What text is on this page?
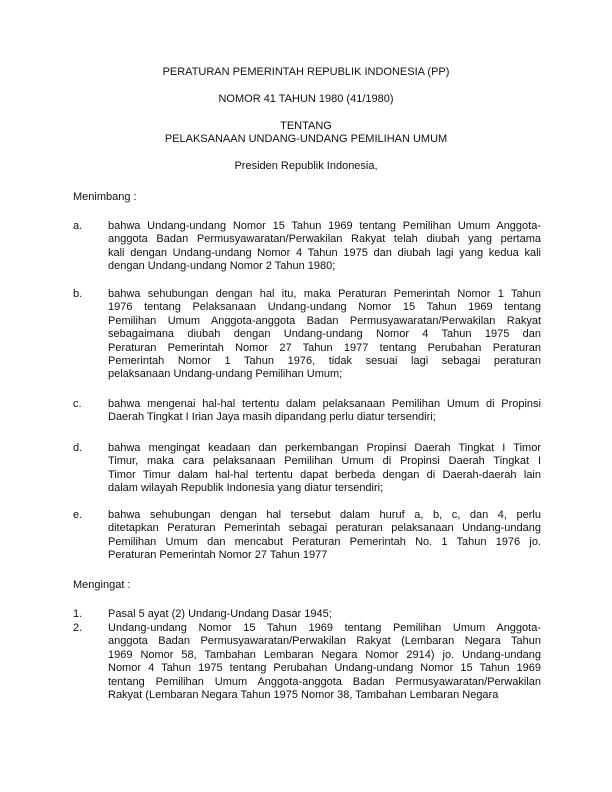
PERATURAN PEMERINTAH REPUBLIK INDONESIA (PP)
NOMOR 41 TAHUN 1980 (41/1980)
TENTANG
PELAKSANAAN UNDANG-UNDANG PEMILIHAN UMUM
Presiden Republik Indonesia,
Menimbang :
a. bahwa Undang-undang Nomor 15 Tahun 1969 tentang Pemilihan Umum Anggota-
anggota Badan Permusyawaratan/Perwakilan Rakyat telah diubah yang pertama
kali dengan Undang-undang Nomor 4 Tahun 1975 dan diubah lagi yang kedua kali
dengan Undang-undang Nomor 2 Tahun 1980;
b. bahwa sehubungan dengan hal itu, maka Peraturan Pemerintah Nomor 1 Tahun
1976 tentang Pelaksanaan Undang-undang Nomor 15 Tahun 1969 tentang
Pemilihan Umum Anggota-anggota Badan Permusyawaratan/Perwakilan Rakyat
sebagaimana diubah dengan Undang-undang Nomor 4 Tahun 1975 dan
Peraturan Pemerintah Nomor 27 Tahun 1977 tentang Perubahan Peraturan
Pemerintah Nomor 1 Tahun 1976, tidak sesuai lagi sebagai peraturan
pelaksanaan Undang-undang Pemilihan Umum;
c. bahwa mengenai hal-hal tertentu dalam pelaksanaan Pemilihan Umum di Propinsi
Daerah Tingkat I Irian Jaya masih dipandang perlu diatur tersendiri;
d. bahwa mengingat keadaan dan perkembangan Propinsi Daerah Tingkat I Timor
Timur, maka cara pelaksanaan Pemilihan Umum di Propinsi Daerah Tingkat I
Timor Timur dalam hal-hal tertentu dapat berbeda dengan di Daerah-daerah lain
dalam wilayah Republik Indonesia yang diatur tersendiri;
e. bahwa sehubungan dengan hal tersebut dalam huruf a, b, c, dan 4, perlu
ditetapkan Peraturan Pemerintah sebagai peraturan pelaksanaan Undang-undang
Pemilihan Umum dan mencabut Peraturan Pemerintah No. 1 Tahun 1976 jo.
Peraturan Pemerintah Nomor 27 Tahun 1977
Mengingat :
1. Pasal 5 ayat (2) Undang-Undang Dasar 1945;
2. Undang-undang Nomor 15 Tahun 1969 tentang Pemilihan Umum Anggota-
anggota Badan Permusyawaratan/Perwakilan Rakyat (Lembaran Negara Tahun
1969 Nomor 58, Tambahan Lembaran Negara Nomor 2914) jo. Undang-undang
Nomor 4 Tahun 1975 tentang Perubahan Undang-undang Nomor 15 Tahun 1969
tentang Pemilihan Umum Anggota-anggota Badan Permusyawaratan/Perwakilan
Rakyat (Lembaran Negara Tahun 1975 Nomor 38, Tambahan Lembaran Negara
